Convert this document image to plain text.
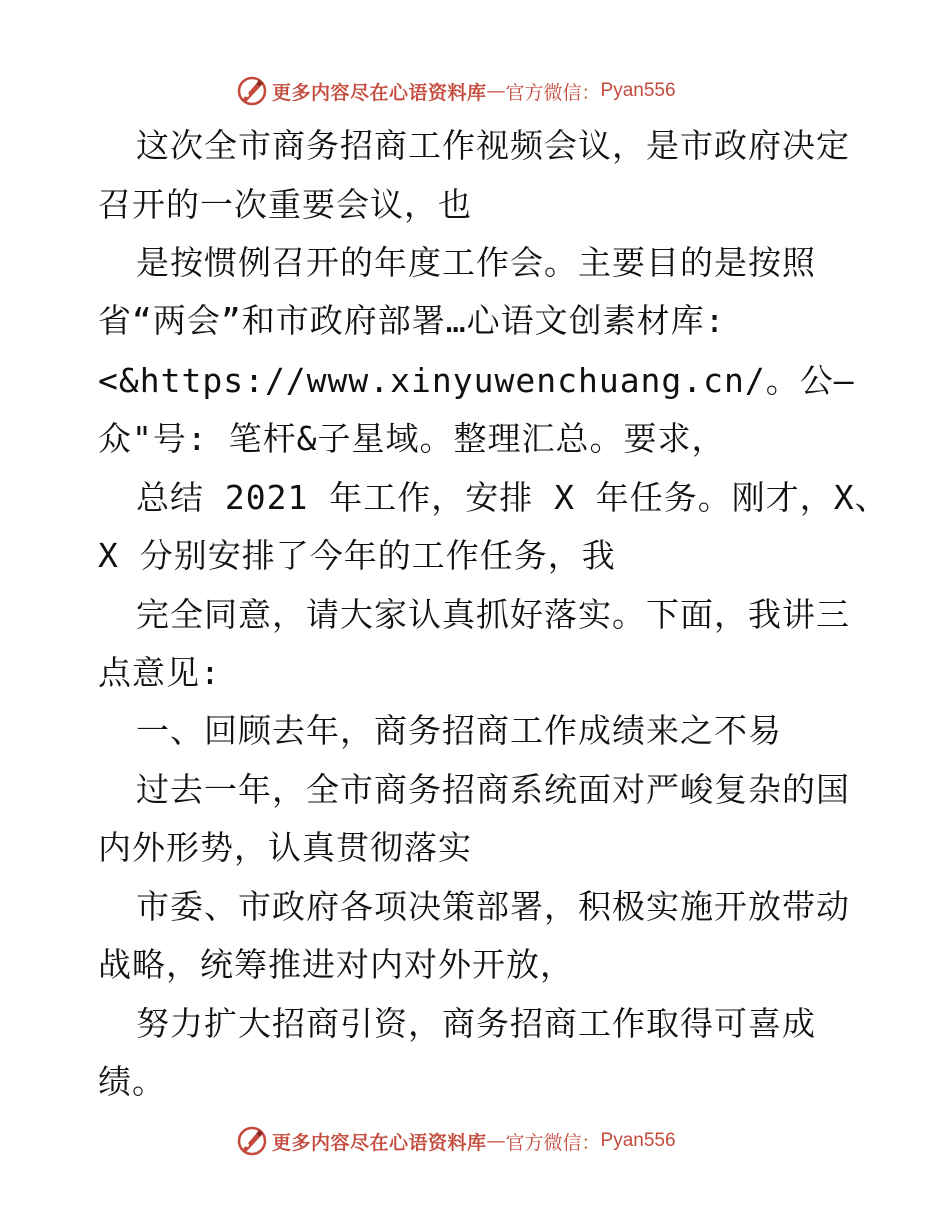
更多内容尽在心语资料库 — 官方微信： Pyan556
这次全市商务招商工作视频会议，是市政府决定
召开的一次重要会议，也
是按惯例召开的年度工作会。主要目的是按照
省“两会”和市政府部署…心语文创素材库:
<&https://www.xinyuwenchuang.cn/。公—
众"号: 笔杆&子星域。整理汇总。要求，
总结 2021 年工作，安排 X 年任务。刚才，X、
X 分别安排了今年的工作任务，我
完全同意，请大家认真抓好落实。下面，我讲三
点意见:
一、回顾去年，商务招商工作成绩来之不易
过去一年，全市商务招商系统面对严峻复杂的国
内外形势，认真贯彻落实
市委、市政府各项决策部署，积极实施开放带动
战略，统筹推进对内对外开放，
努力扩大招商引资，商务招商工作取得可喜成
绩。
更多内容尽在心语资料库 — 官方微信： Pyan556
